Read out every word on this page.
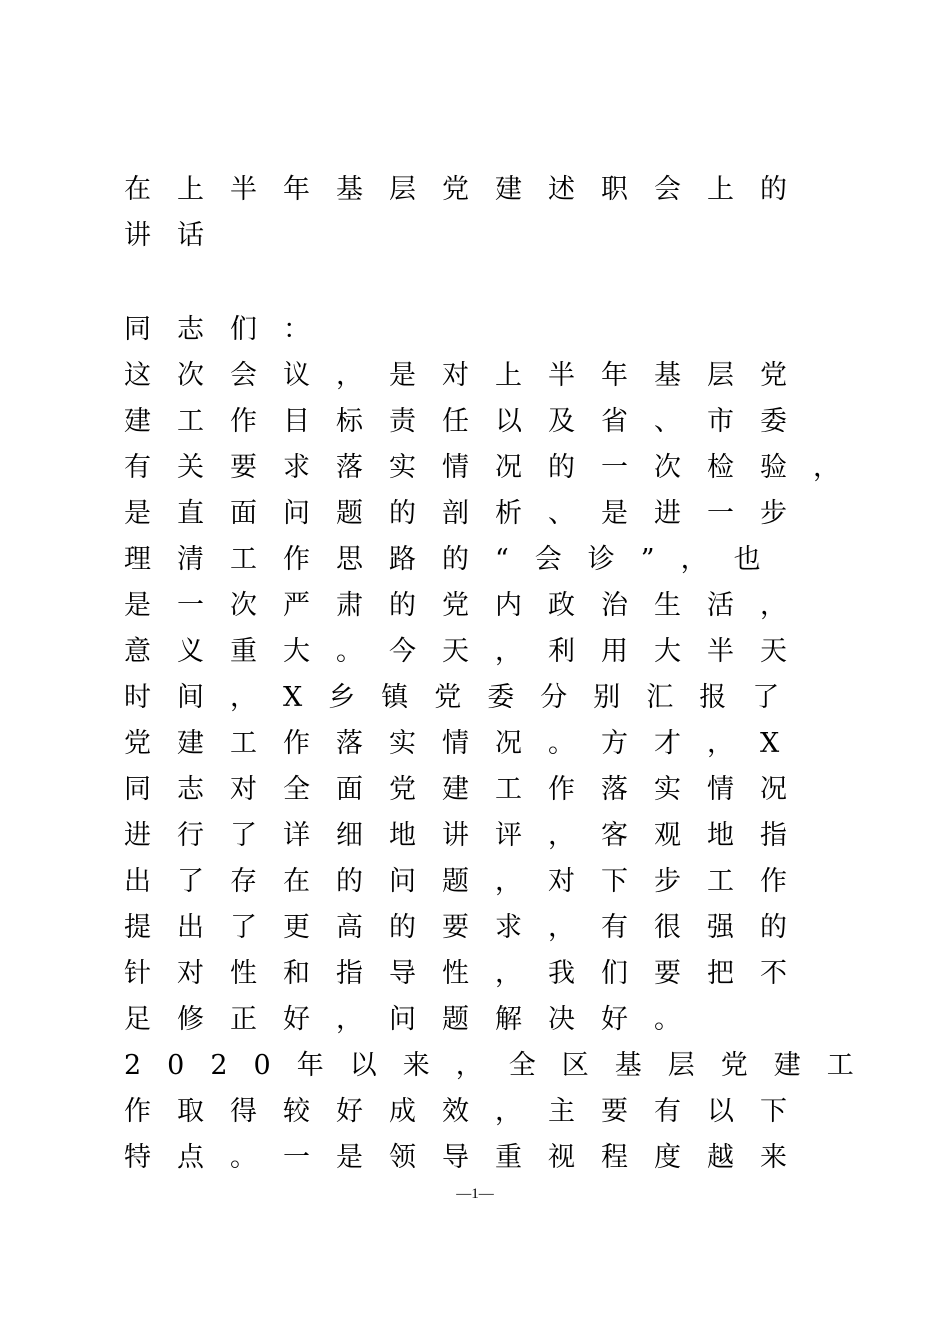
在上半年基层党建述职会上的
讲话
同志们：
这次会议，是对上半年基层党
建工作目标责任以及省、市委
有关要求落实情况的一次检验，
是直面问题的剖析、是进一步
理清工作思路的“会诊”，也
是一次严肃的党内政治生活，
意义重大。今天，利用大半天
时间，X乡镇党委分别汇报了
党建工作落实情况。方才，X
同志对全面党建工作落实情况
进行了详细地讲评，客观地指
出了存在的问题，对下步工作
提出了更高的要求，有很强的
针对性和指导性，我们要把不
足修正好，问题解决好。
2020年以来，全区基层党建工
作取得较好成效，主要有以下
特点。一是领导重视程度越来
—1—
